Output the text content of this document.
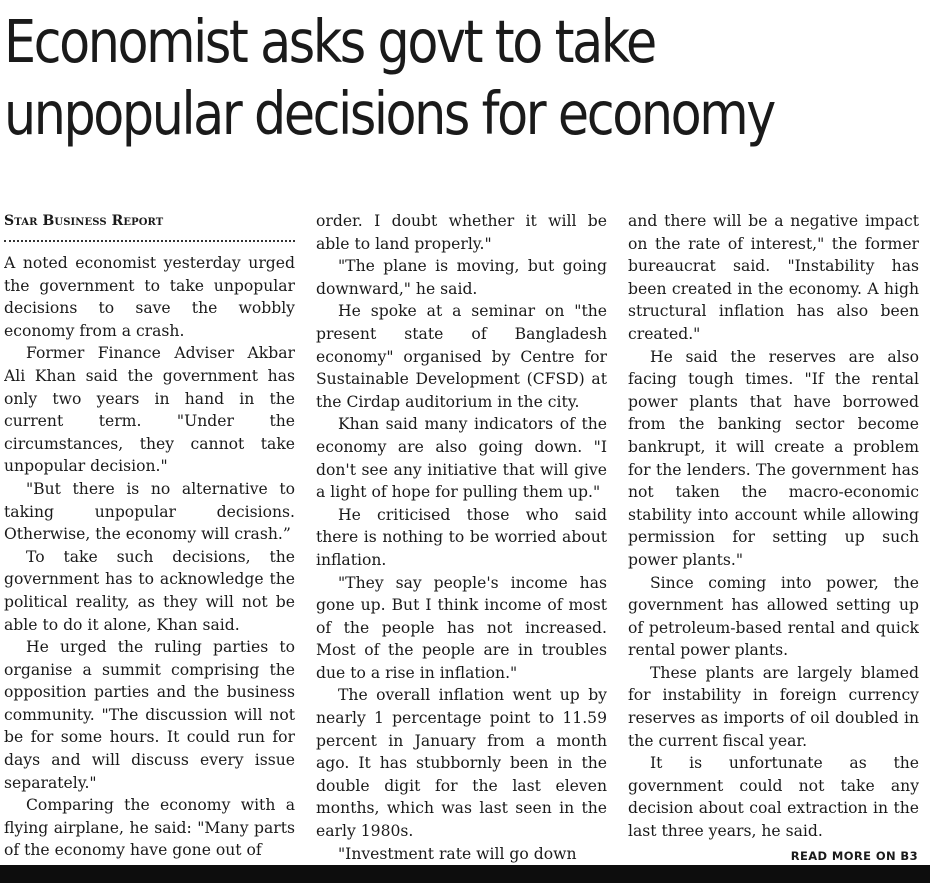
Economist asks govt to take
unpopular decisions for economy
Star Business Report

A noted economist yesterday urged the government to take unpopular decisions to save the wobbly economy from a crash.

Former Finance Adviser Akbar Ali Khan said the government has only two years in hand in the current term. "Under the circumstances, they cannot take unpopular decision."

"But there is no alternative to taking unpopular decisions. Otherwise, the economy will crash.”

To take such decisions, the government has to acknowledge the political reality, as they will not be able to do it alone, Khan said.

He urged the ruling parties to organise a summit comprising the opposition parties and the business community. "The discussion will not be for some hours. It could run for days and will discuss every issue separately."

Comparing the economy with a flying airplane, he said: "Many parts of the economy have gone out of

order. I doubt whether it will be able to land properly."

"The plane is moving, but going downward," he said.

He spoke at a seminar on "the present state of Bangladesh economy" organised by Centre for Sustainable Development (CFSD) at the Cirdap auditorium in the city.

Khan said many indicators of the economy are also going down. "I don't see any initiative that will give a light of hope for pulling them up."

He criticised those who said there is nothing to be worried about inflation.

"They say people's income has gone up. But I think income of most of the people has not increased. Most of the people are in troubles due to a rise in inflation."

The overall inflation went up by nearly 1 percentage point to 11.59 percent in January from a month ago. It has stubbornly been in the double digit for the last eleven months, which was last seen in the early 1980s.

"Investment rate will go down

and there will be a negative impact on the rate of interest," the former bureaucrat said. "Instability has been created in the economy. A high structural inflation has also been created."

He said the reserves are also facing tough times. "If the rental power plants that have borrowed from the banking sector become bankrupt, it will create a problem for the lenders. The government has not taken the macro-economic stability into account while allowing permission for setting up such power plants."

Since coming into power, the government has allowed setting up of petroleum-based rental and quick rental power plants.

These plants are largely blamed for instability in foreign currency reserves as imports of oil doubled in the current fiscal year.

It is unfortunate as the government could not take any decision about coal extraction in the last three years, he said.

READ MORE ON B3
